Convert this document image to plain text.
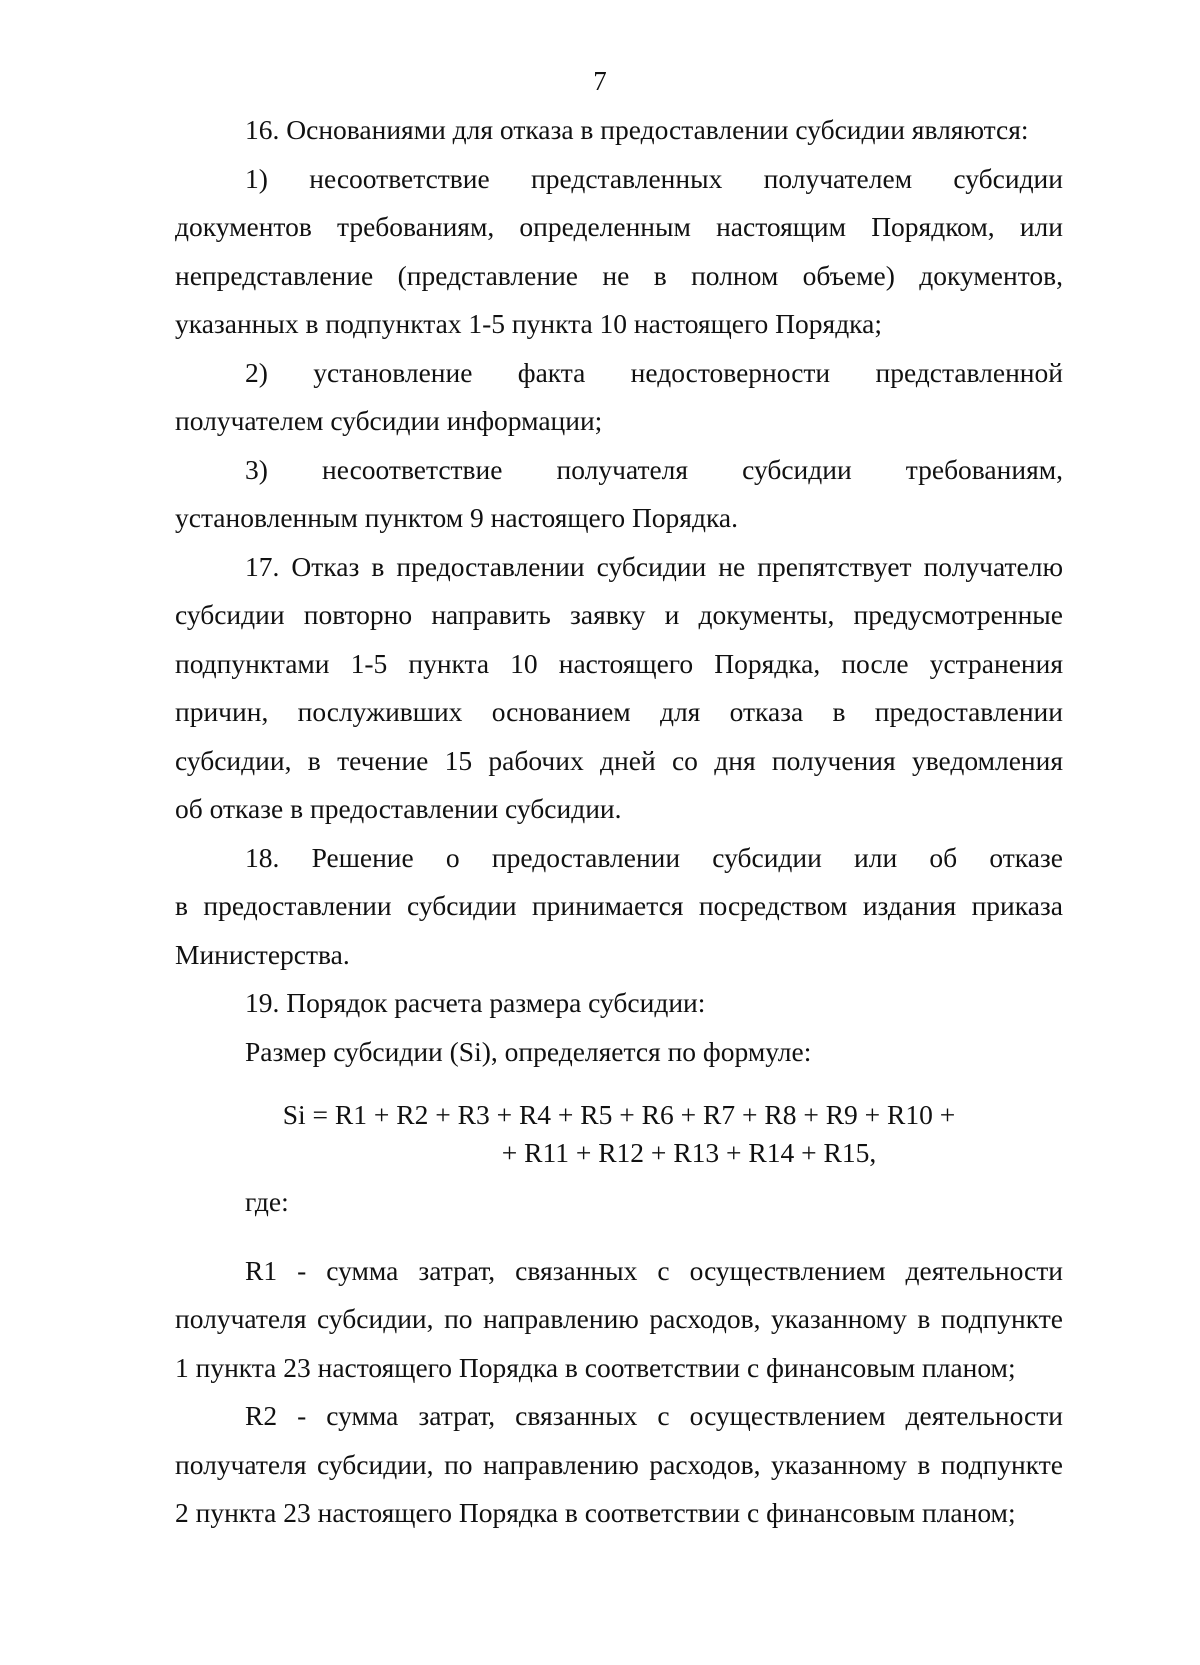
7

16. Основаниями для отказа в предоставлении субсидии являются:

1) несоответствие представленных получателем субсидии

документов требованиям, определенным настоящим Порядком, или

непредставление (представление не в полном объеме) документов,

указанных в подпунктах 1-5 пункта 10 настоящего Порядка;

2) установление факта недостоверности представленной

получателем субсидии информации;

3) несоответствие получателя субсидии требованиям,

установленным пунктом 9 настоящего Порядка.

17. Отказ в предоставлении субсидии не препятствует получателю

субсидии повторно направить заявку и документы, предусмотренные

подпунктами 1-5 пункта 10 настоящего Порядка, после устранения

причин, послуживших основанием для отказа в предоставлении

субсидии, в течение 15 рабочих дней со дня получения уведомления

об отказе в предоставлении субсидии.

18. Решение о предоставлении субсидии или об отказе

в предоставлении субсидии принимается посредством издания приказа

Министерства.

19. Порядок расчета размера субсидии:

Размер субсидии (Si), определяется по формуле:

Si = R1 + R2 + R3 + R4 + R5 + R6 + R7 + R8 + R9 + R10 +
+ R11 + R12 + R13 + R14 + R15,

где:

R1 - сумма затрат, связанных с осуществлением деятельности

получателя субсидии, по направлению расходов, указанному в подпункте

1 пункта 23 настоящего Порядка в соответствии с финансовым планом;

R2 - сумма затрат, связанных с осуществлением деятельности

получателя субсидии, по направлению расходов, указанному в подпункте

2 пункта 23 настоящего Порядка в соответствии с финансовым планом;
